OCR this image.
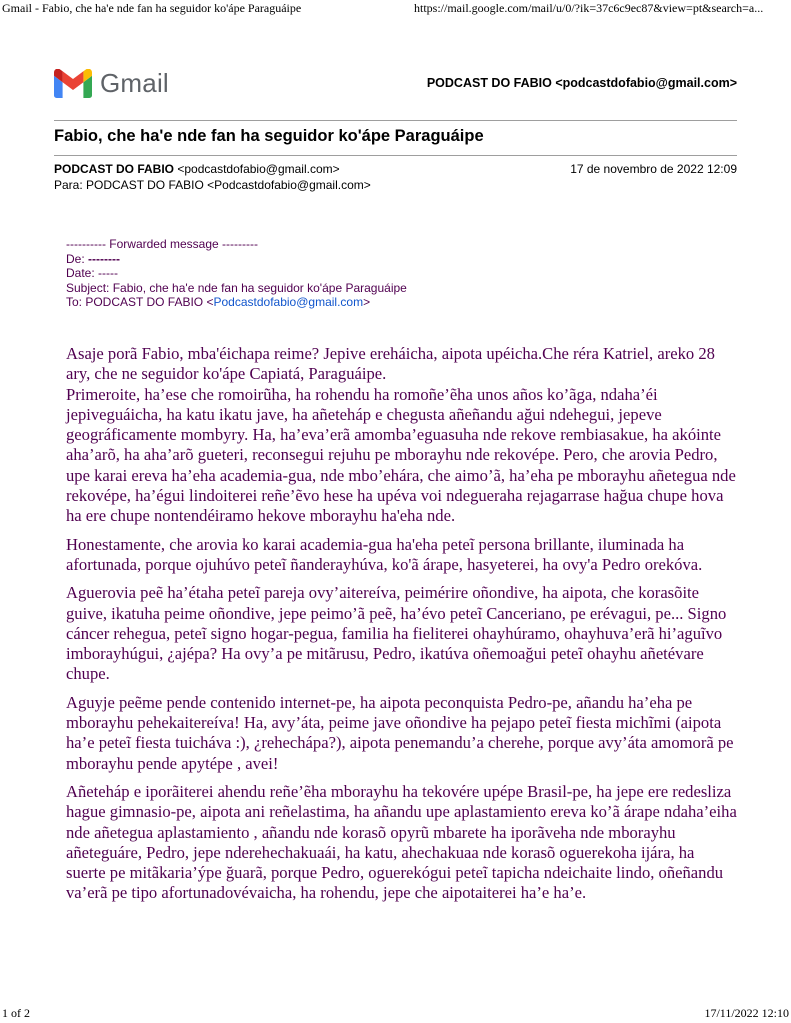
Gmail - Fabio, che ha'e nde fan ha seguidor ko'ápe Paraguáipe	https://mail.google.com/mail/u/0/?ik=37c6c9ec87&view=pt&search=a...
Gmail	PODCAST DO FABIO <podcastdofabio@gmail.com>
Fabio, che ha'e nde fan ha seguidor ko'ápe Paraguáipe
PODCAST DO FABIO <podcastdofabio@gmail.com>	17 de novembro de 2022 12:09
Para: PODCAST DO FABIO <Podcastdofabio@gmail.com>
---------- Forwarded message ---------
De: --------
Date: -----
Subject: Fabio, che ha'e nde fan ha seguidor ko'ápe Paraguáipe
To: PODCAST DO FABIO <Podcastdofabio@gmail.com>

Asaje porã Fabio, mba'éichapa reime? Jepive ereháicha, aipota upéicha.Che réra Katriel, areko 28 ary, che ne seguidor ko'ápe Capiatá, Paraguáipe.

Primeroite, ha’ese che romoirũha, ha rohendu ha romoñe’ẽha unos años ko’ãga, ndaha’éi jepiveguáicha, ha katu ikatu jave, ha añeteháp e chegusta añeñandu ağui ndehegui, jepeve geográficamente mombyry. Ha, ha’eva’erã amomba’eguasuha nde rekove rembiasakue, ha akóinte aha’arõ, ha aha’arõ gueteri, reconsegui rejuhu pe mborayhu nde rekovépe. Pero, che arovia Pedro, upe karai ereva ha’eha academia-gua, nde mbo’ehára, che aimo’ã, ha’eha pe mborayhu añetegua nde rekovépe, ha’égui lindoiterei reñe’ẽvo hese ha upéva voi ndegueraha rejagarrase hağua chupe hova ha ere chupe nontendéiramo hekove mborayhu ha'eha nde.

Honestamente, che arovia ko karai academia-gua ha'eha peteĩ persona brillante, iluminada ha afortunada, porque ojuhúvo peteĩ ñanderayhúva, ko'ã árape, hasyeterei, ha ovy'a Pedro orekóva.

Aguerovia peẽ ha’étaha peteĩ pareja ovy’aitereíva, peimérire oñondive, ha aipota, che korasõite guive, ikatuha peime oñondive, jepe peimo’ã peẽ, ha’évo peteĩ Canceriano, pe erévagui, pe... Signo cáncer rehegua, peteĩ signo hogar-pegua, familia ha fieliterei ohayhúramo, ohayhuva’erã hi’aguĩvo imborayhúgui, ¿ajépa? Ha ovy’a pe mitãrusu, Pedro, ikatúva oñemoağui peteĩ ohayhu añetévare chupe.

Aguyje peẽme pende contenido internet-pe, ha aipota peconquista Pedro-pe, añandu ha’eha pe mborayhu pehekaitereíva! Ha, avy’áta, peime jave oñondive ha pejapo peteĩ fiesta michĩmi (aipota ha’e peteĩ fiesta tuicháva :), ¿rehechápa?), aipota penemandu’a cherehe, porque avy’áta amomorã pe mborayhu pende apytépe , avei!

Añeteháp e iporãiterei ahendu reñe’ẽha mborayhu ha tekovére upépe Brasil-pe, ha jepe ere redesliza hague gimnasio-pe, aipota ani reñelastima, ha añandu upe aplastamiento ereva ko’ã árape ndaha’eiha nde añetegua aplastamiento , añandu nde korasõ opyrũ mbarete ha iporãveha nde mborayhu añeteguáre, Pedro, jepe nderehechakuaái, ha katu, ahechakuaa nde korasõ oguerekoha ijára, ha suerte pe mitãkaria’ýpe ğuarã, porque Pedro, oguerekógui peteĩ tapicha ndeichaite lindo, oñeñandu va’erã pe tipo afortunadovévaicha, ha rohendu, jepe che aipotaiterei ha’e ha’e.

1 of 2	17/11/2022 12:10
